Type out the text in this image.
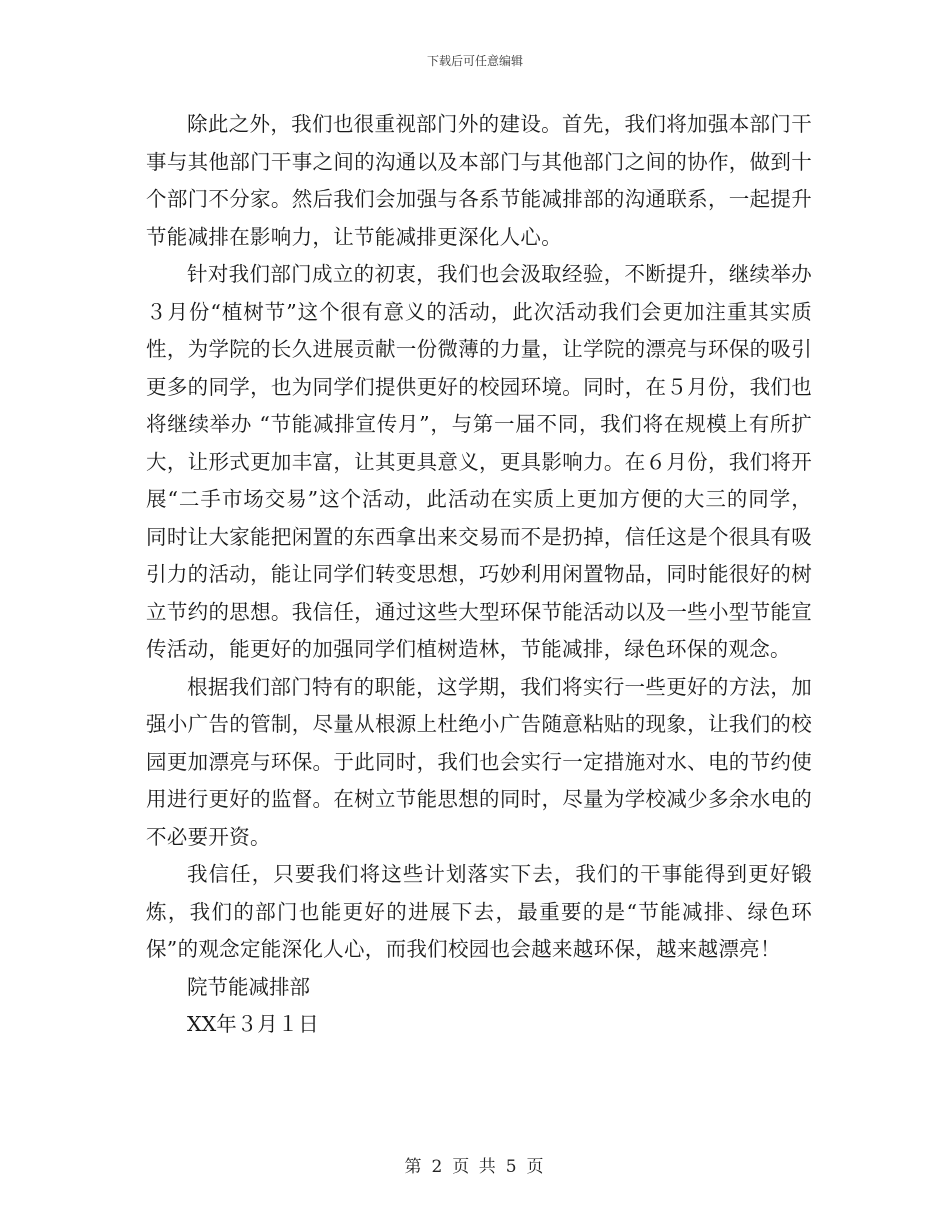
下载后可任意编辑

除此之外，我们也很重视部门外的建设。首先，我们将加强本部门干事与其他部门干事之间的沟通以及本部门与其他部门之间的协作，做到十个部门不分家。然后我们会加强与各系节能减排部的沟通联系，一起提升节能减排在影响力，让节能减排更深化人心。

针对我们部门成立的初衷，我们也会汲取经验，不断提升，继续举办３月份“植树节”这个很有意义的活动，此次活动我们会更加注重其实质性，为学院的长久进展贡献一份微薄的力量，让学院的漂亮与环保的吸引更多的同学，也为同学们提供更好的校园环境。同时，在５月份，我们也将继续举办 “节能减排宣传月”，与第一届不同，我们将在规模上有所扩大，让形式更加丰富，让其更具意义，更具影响力。在６月份，我们将开展“二手市场交易”这个活动，此活动在实质上更加方便的大三的同学，同时让大家能把闲置的东西拿出来交易而不是扔掉，信任这是个很具有吸引力的活动，能让同学们转变思想，巧妙利用闲置物品，同时能很好的树立节约的思想。我信任，通过这些大型环保节能活动以及一些小型节能宣传活动，能更好的加强同学们植树造林，节能减排，绿色环保的观念。

根据我们部门特有的职能，这学期，我们将实行一些更好的方法，加强小广告的管制，尽量从根源上杜绝小广告随意粘贴的现象，让我们的校园更加漂亮与环保。于此同时，我们也会实行一定措施对水、电的节约使用进行更好的监督。在树立节能思想的同时，尽量为学校减少多余水电的不必要开资。

我信任，只要我们将这些计划落实下去，我们的干事能得到更好锻炼，我们的部门也能更好的进展下去，最重要的是“节能减排、绿色环保”的观念定能深化人心，而我们校园也会越来越环保，越来越漂亮！

院节能减排部

XX年３月１日

第 2 页 共 5 页
